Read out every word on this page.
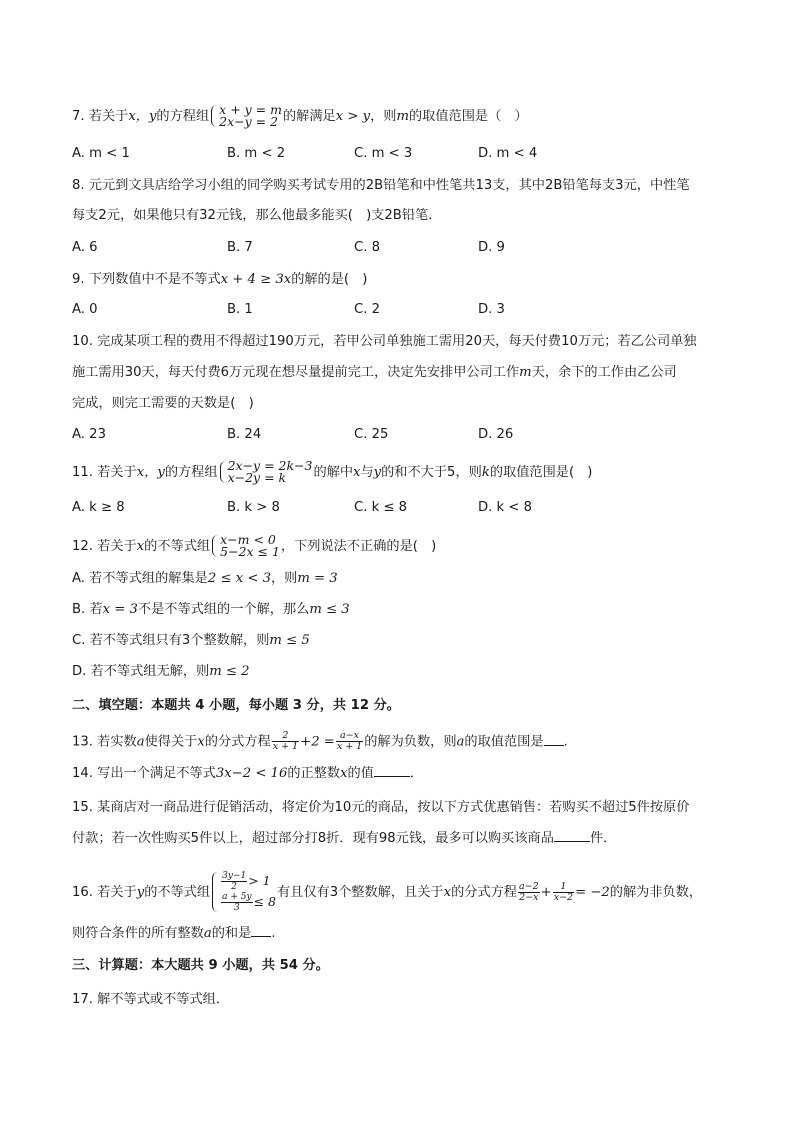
7. 若关于x，y的方程组 x + y = m
2x−y = 2 的解满足x > y，则m的取值范围是（　）
A. m < 1	B. m < 2	C. m < 3	D. m < 4
8. 元元到文具店给学习小组的同学购买考试专用的2B铅笔和中性笔共13支，其中2B铅笔每支3元，中性笔
每支2元，如果他只有32元钱，那么他最多能买(　)支2B铅笔．
A. 6	B. 7	C. 8	D. 9
9. 下列数值中不是不等式x + 4 ≥ 3x的解的是(　)
A. 0	B. 1	C. 2	D. 3
10. 完成某项工程的费用不得超过190万元，若甲公司单独施工需用20天，每天付费10万元；若乙公司单独
施工需用30天，每天付费6万元现在想尽量提前完工，决定先安排甲公司工作m天，余下的工作由乙公司
完成，则完工需要的天数是(　)
A. 23	B. 24	C. 25	D. 26
11. 若关于x，y的方程组 2x−y = 2k−3
x−2y = k	的解中x与y的和不大于5，则k的取值范围是(　)
A. k ≥ 8	B. k > 8	C. k ≤ 8	D. k < 8
12. 若关于x的不等式组 x−m < 0
5−2x ≤ 1 ，下列说法不正确的是(　)
A. 若不等式组的解集是2 ≤ x < 3，则m = 3
B. 若x = 3不是不等式组的一个解，那么m ≤ 3
C. 若不等式组只有3个整数解，则m ≤ 5
D. 若不等式组无解，则m ≤ 2
二、填空题：本题共 4 小题，每小题 3 分，共 12 分。
13. 若实数a使得关于x的分式方程 $\frac{2}{x + 1} +2 = \frac{a-x}{x + 1}$ 的解为负数，则a的取值范围是 .
14. 写出一个满足不等式3x−2 < 16的正整数x的值	．
15. 某商店对一商品进行促销活动，将定价为10元的商品，按以下方式优惠销售：若购买不超过5件按原价
付款；若一次性购买5件以上，超过部分打8折．现有98元钱，最多可以购买该商品	件．
16. 若关于y的不等式组
$\frac{3y-1}{2} > 1$
$\frac{a + 5y}{3} \le 8$
有且仅有3个整数解，且关于x的分式方程 $\frac{a-2}{2-x} + \frac{1}{x-2} = -2$的解为非负数，
则符合条件的所有整数a的和是 .
三、计算题：本大题共 9 小题，共 54 分。
17. 解不等式或不等式组．
